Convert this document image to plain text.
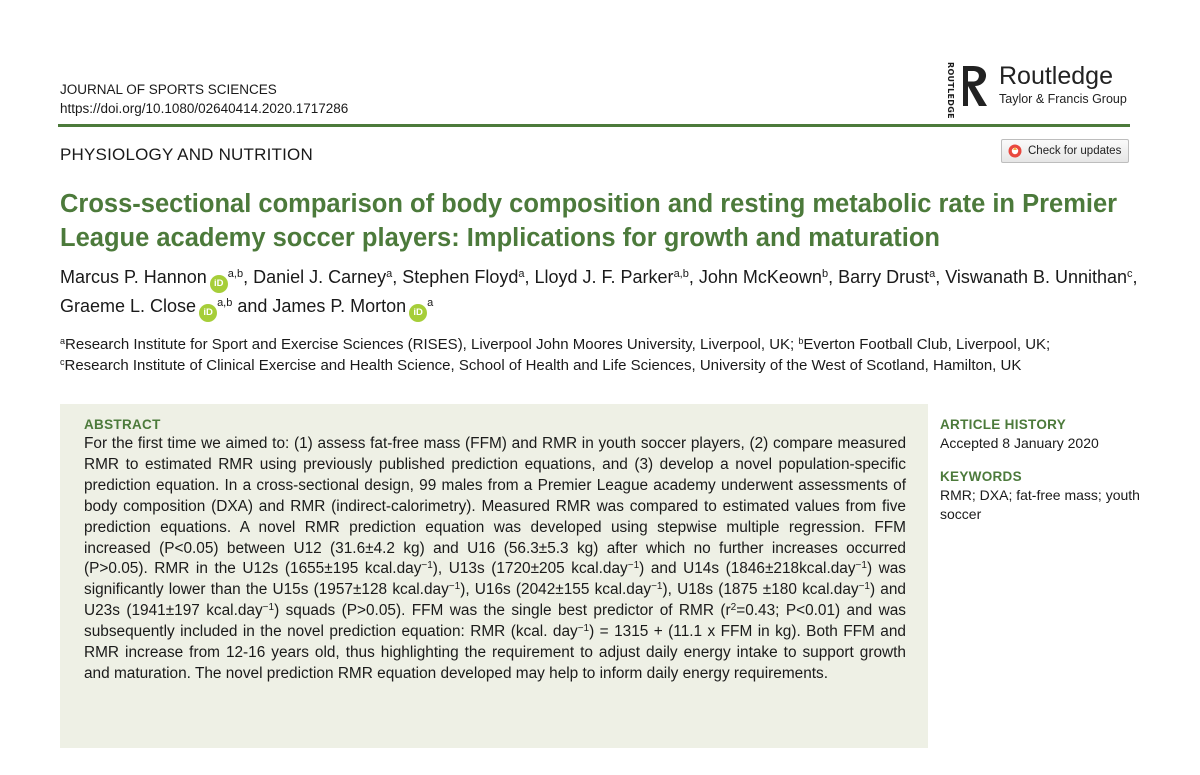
JOURNAL OF SPORTS SCIENCES
https://doi.org/10.1080/02640414.2020.1717286	ROUTLEDGE Routledge
Taylor & Francis Group
PHYSIOLOGY AND NUTRITION	Check for updates
Cross-sectional comparison of body composition and resting metabolic rate in Premier League academy soccer players: Implications for growth and maturation
Marcus P. Hannon iD$^{a,b}$, Daniel J. Carney$^a$, Stephen Floyd$^a$, Lloyd J. F. Parker$^{a,b}$, John McKeown$^b$, Barry Drust$^a$, Viswanath B. Unnithan$^c$, Graeme L. Close iD$^{a,b}$ and James P. Morton $iD^a$
$^a$Research Institute for Sport and Exercise Sciences (RISES), Liverpool John Moores University, Liverpool, UK; $^b$Everton Football Club, Liverpool, UK;
$^c$Research Institute of Clinical Exercise and Health Science, School of Health and Life Sciences, University of the West of Scotland, Hamilton, UK
ABSTRACT
For the first time we aimed to: (1) assess fat-free mass (FFM) and RMR in youth soccer players, (2) compare measured RMR to estimated RMR using previously published prediction equations, and (3) develop a novel population-specific prediction equation. In a cross-sectional design, 99 males from a Premier League academy underwent assessments of body composition (DXA) and RMR (indirect-calorimetry). Measured RMR was compared to estimated values from five prediction equations. A novel RMR prediction equation was developed using stepwise multiple regression. FFM increased (P<0.05) between U12 (31.6±4.2 kg) and U16 (56.3±5.3 kg) after which no further increases occurred (P>0.05). RMR in the U12s (1655±195 kcal.day$^{-1}$), U13s (1720±205 kcal.day$^{-1}$) and U14s (1846±218kcal.day$^{-1}$) was significantly lower than the U15s (1957±128 kcal.day$^{-1}$), U16s (2042±155 kcal.day$^{-1}$), U18s (1875 ±180 kcal.day$^{-1}$) and U23s (1941±197 kcal.day$^{-1}$) squads (P>0.05). FFM was the single best predictor of RMR ($r^2=0.43$; P<0.01) and was subsequently included in the novel prediction equation: RMR (kcal. day$^{-1}$) = 1315 + (11.1 x FFM in kg). Both FFM and RMR increase from 12-16 years old, thus highlighting the requirement to adjust daily energy intake to support growth and maturation. The novel prediction RMR equation developed may help to inform daily energy requirements.
ARTICLE HISTORY
Accepted 8 January 2020
KEYWORDS
RMR; DXA; fat-free mass; youth soccer
